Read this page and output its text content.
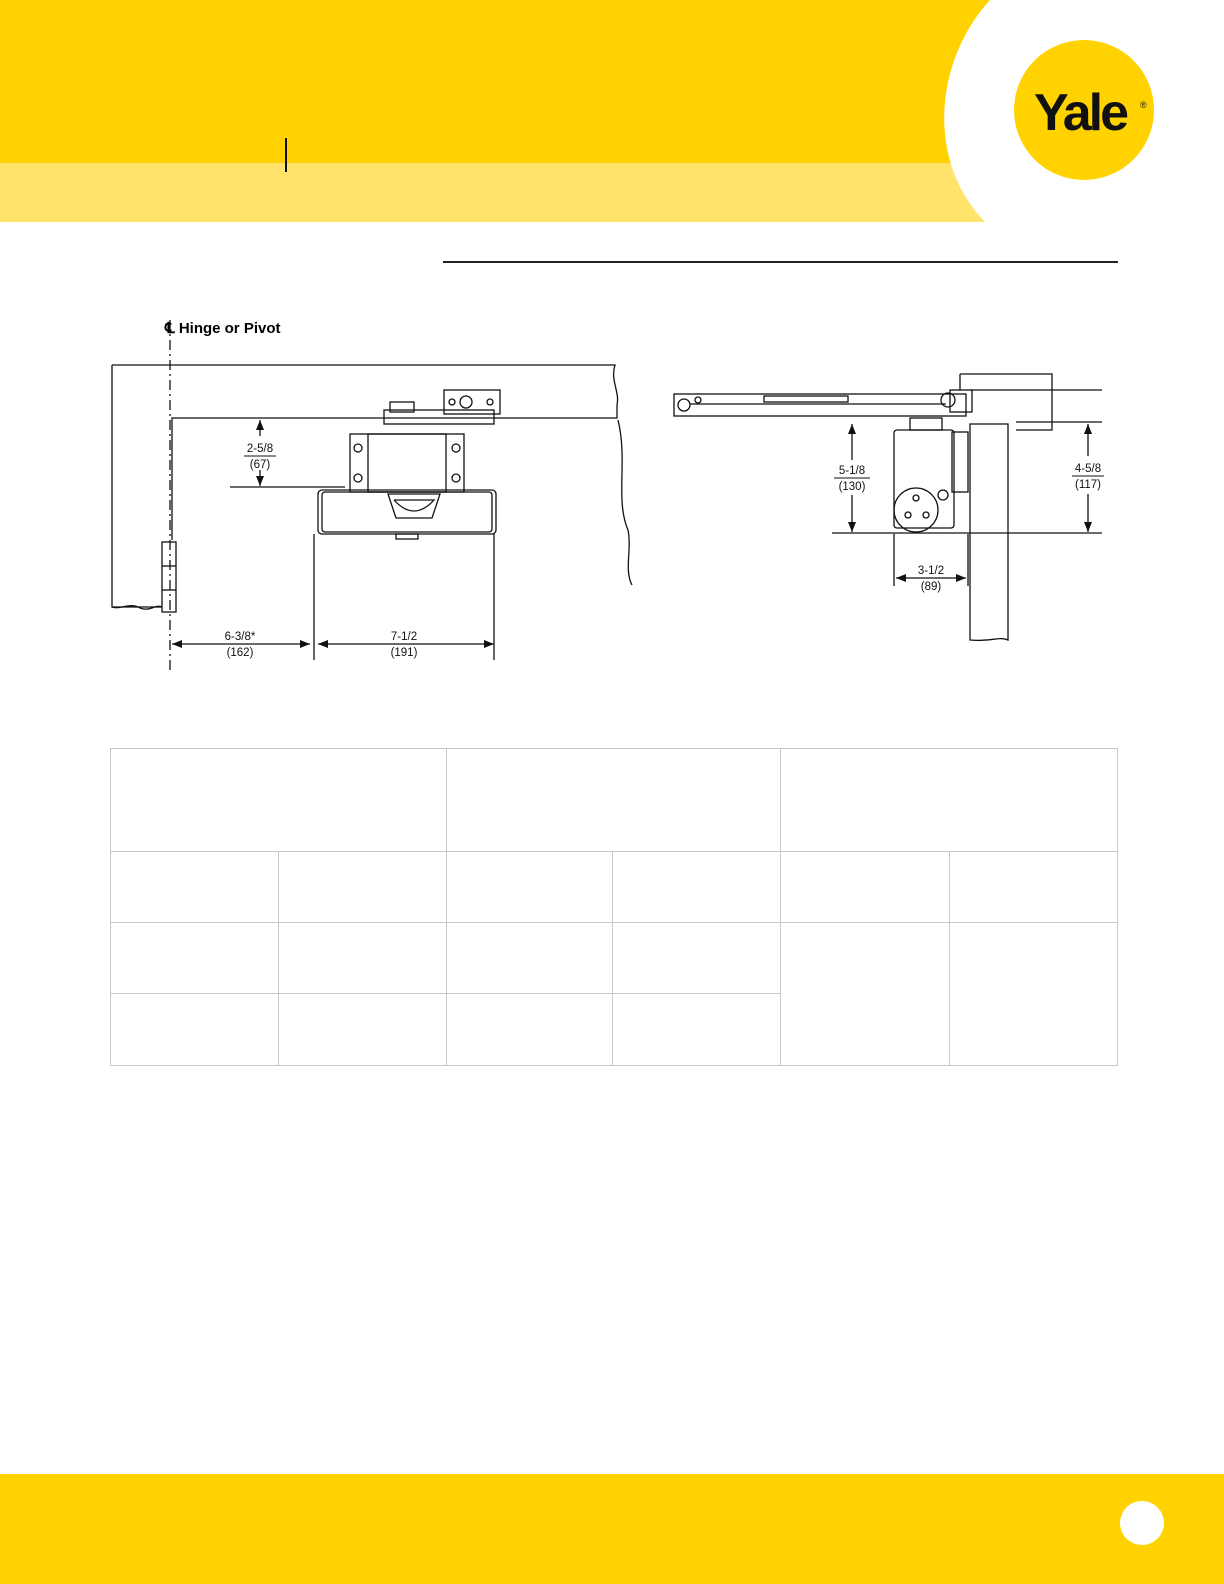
Yale ®
℄ Hinge or Pivot
2-5/8
(67)
6-3/8*
(162)
7-1/2
(191)
5-1/8
(130)
4-5/8
(117)
3-1/2
(89)
